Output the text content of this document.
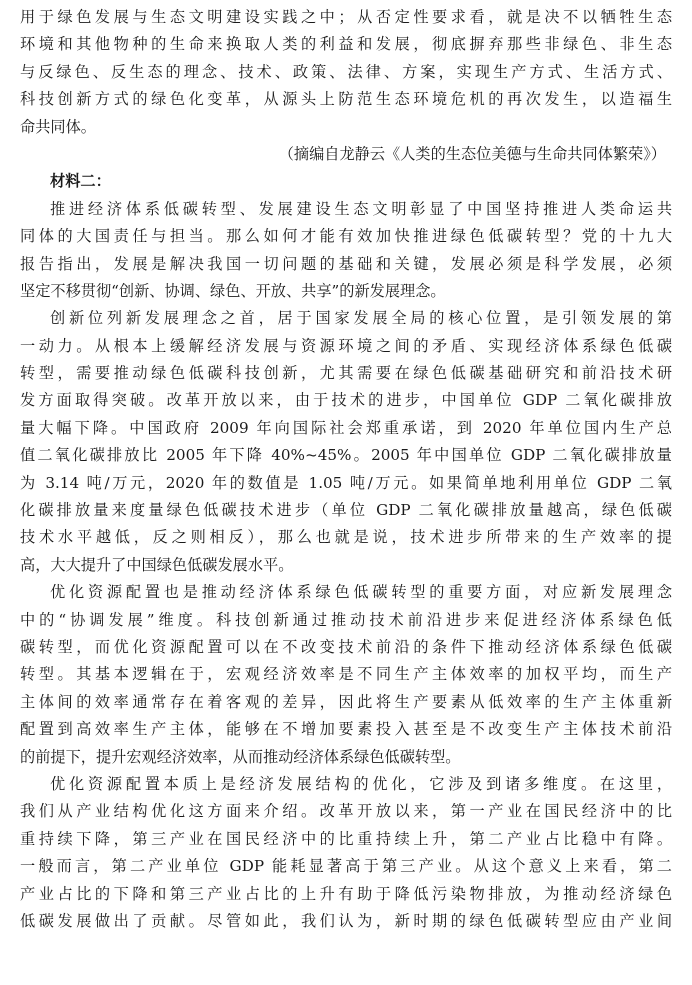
用于绿色发展与生态文明建设实践之中；从否定性要求看，就是决不以牺牲生态
环境和其他物种的生命来换取人类的利益和发展，彻底摒弃那些非绿色、非生态
与反绿色、反生态的理念、技术、政策、法律、方案，实现生产方式、生活方式、
科技创新方式的绿色化变革，从源头上防范生态环境危机的再次发生，以造福生
命共同体。
（摘编自龙静云《人类的生态位美德与生命共同体繁荣》）
材料二：
推进经济体系低碳转型、发展建设生态文明彰显了中国坚持推进人类命运共
同体的大国责任与担当。那么如何才能有效加快推进绿色低碳转型？党的十九大
报告指出，发展是解决我国一切问题的基础和关键，发展必须是科学发展，必须
坚定不移贯彻“创新、协调、绿色、开放、共享”的新发展理念。
创新位列新发展理念之首，居于国家发展全局的核心位置，是引领发展的第
一动力。从根本上缓解经济发展与资源环境之间的矛盾、实现经济体系绿色低碳
转型，需要推动绿色低碳科技创新，尤其需要在绿色低碳基础研究和前沿技术研
发方面取得突破。改革开放以来，由于技术的进步，中国单位 GDP 二氧化碳排放
量大幅下降。中国政府 2009 年向国际社会郑重承诺，到 2020 年单位国内生产总
值二氧化碳排放比 2005 年下降 40%~45%。2005 年中国单位 GDP 二氧化碳排放量
为 3.14 吨/万元，2020 年的数值是 1.05 吨/万元。如果简单地利用单位 GDP 二氧
化碳排放量来度量绿色低碳技术进步（单位 GDP 二氧化碳排放量越高，绿色低碳
技术水平越低，反之则相反），那么也就是说，技术进步所带来的生产效率的提
高，大大提升了中国绿色低碳发展水平。
优化资源配置也是推动经济体系绿色低碳转型的重要方面，对应新发展理念
中的“协调发展”维度。科技创新通过推动技术前沿进步来促进经济体系绿色低
碳转型，而优化资源配置可以在不改变技术前沿的条件下推动经济体系绿色低碳
转型。其基本逻辑在于，宏观经济效率是不同生产主体效率的加权平均，而生产
主体间的效率通常存在着客观的差异，因此将生产要素从低效率的生产主体重新
配置到高效率生产主体，能够在不增加要素投入甚至是不改变生产主体技术前沿
的前提下，提升宏观经济效率，从而推动经济体系绿色低碳转型。
优化资源配置本质上是经济发展结构的优化，它涉及到诸多维度。在这里，
我们从产业结构优化这方面来介绍。改革开放以来，第一产业在国民经济中的比
重持续下降，第三产业在国民经济中的比重持续上升，第二产业占比稳中有降。
一般而言，第二产业单位 GDP 能耗显著高于第三产业。从这个意义上来看，第二
产业占比的下降和第三产业占比的上升有助于降低污染物排放，为推动经济绿色
低碳发展做出了贡献。尽管如此，我们认为，新时期的绿色低碳转型应由产业间
